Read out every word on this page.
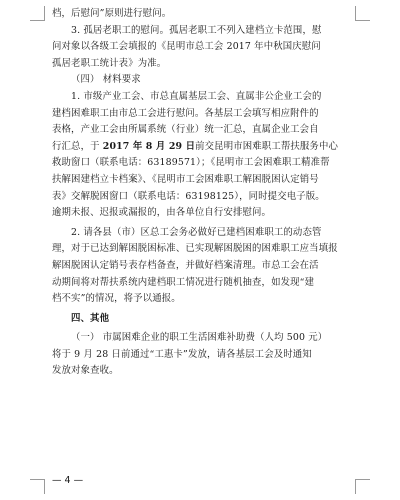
档，后慰问”原则进行慰问。
3. 孤居老职工的慰问。孤居老职工不列入建档立卡范围，慰
问对象以各级工会填报的《昆明市总工会 2017 年中秋国庆慰问
孤居老职工统计表》为准。
（四） 材料要求
1. 市级产业工会、市总直属基层工会、直属非公企业工会的
建档困难职工由市总工会进行慰问。各基层工会填写相应附件的
表格，产业工会由所属系统（行业）统一汇总，直属企业工会自
行汇总，于 2017 年 8 月 29 日前交昆明市困难职工帮扶服务中心
救助窗口（联系电话：63189571）；《昆明市工会困难职工精准帮
扶解困建档立卡档案》、《昆明市工会困难职工解困脱困认定销号
表》交解脱困窗口（联系电话：63198125），同时提交电子版。
逾期未报、迟报或漏报的，由各单位自行安排慰问。
2. 请各县（市）区总工会务必做好已建档困难职工的动态管
理，对于已达到解困脱困标准、已实现解困脱困的困难职工应当填报
解困脱困认定销号表存档备查，并做好档案清理。市总工会在活
动期间将对帮扶系统内建档职工情况进行随机抽查，如发现“建
档不实”的情况，将予以通报。
四、其他
（一） 市属困难企业的职工生活困难补助费（人均 500 元）
将于 9 月 28 日前通过“工惠卡”发放，请各基层工会及时通知
发放对象查收。
— 4 —
